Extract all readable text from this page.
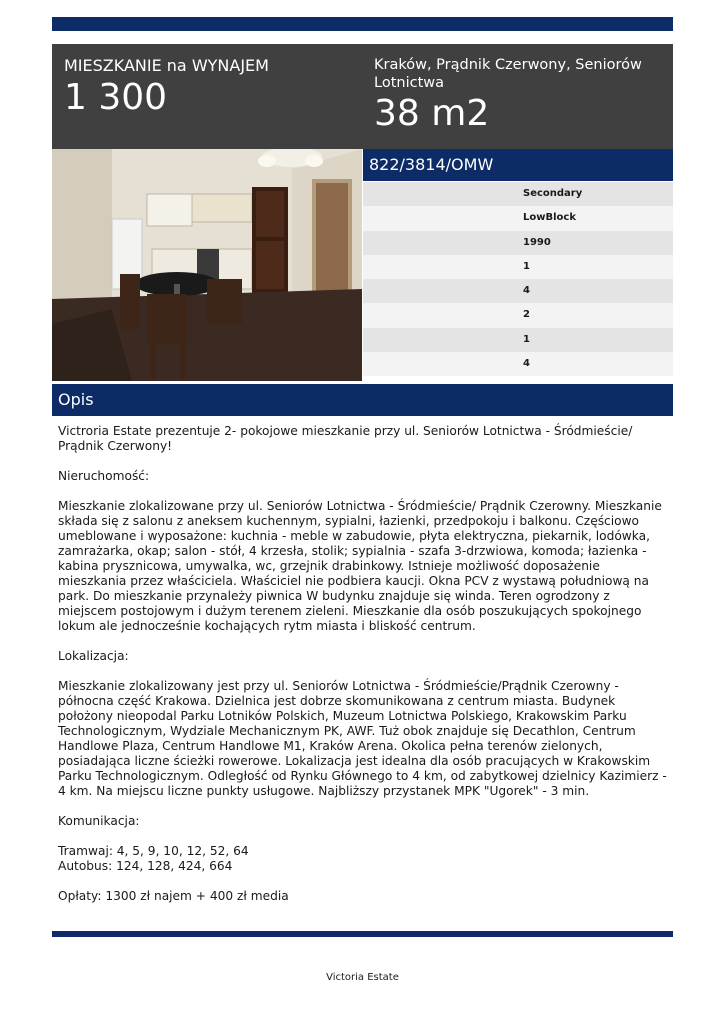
MIESZKANIE na WYNAJEM
1 300
Kraków, Prądnik Czerwony, Seniorów Lotnictwa
38 m2
822/3814/OMW
Secondary
LowBlock
1990
1
4
2
1
4
Opis

Victroria Estate prezentuje 2- pokojowe mieszkanie przy ul. Seniorów Lotnictwa - Śródmieście/ Prądnik Czerwony!

Nieruchomość:

Mieszkanie zlokalizowane przy ul. Seniorów Lotnictwa - Śródmieście/ Prądnik Czerowny. Mieszkanie składa się z salonu z aneksem kuchennym, sypialni, łazienki, przedpokoju i balkonu. Częściowo umeblowane i wyposażone: kuchnia - meble w zabudowie, płyta elektryczna, piekarnik, lodówka, zamrażarka, okap; salon - stół, 4 krzesła, stolik; sypialnia - szafa 3-drzwiowa, komoda; łazienka - kabina prysznicowa, umywalka, wc, grzejnik drabinkowy. Istnieje możliwość doposażenie mieszkania przez właściciela. Właściciel nie podbiera kaucji. Okna PCV z wystawą południową na park. Do mieszkanie przynależy piwnica W budynku znajduje się winda. Teren ogrodzony z miejscem postojowym i dużym terenem zieleni. Mieszkanie dla osób poszukujących spokojnego lokum ale jednocześnie kochających rytm miasta i bliskość centrum.

Lokalizacja:

Mieszkanie zlokalizowany jest przy ul. Seniorów Lotnictwa - Śródmieście/Prądnik Czerowny - północna część Krakowa. Dzielnica jest dobrze skomunikowana z centrum miasta. Budynek położony nieopodal Parku Lotników Polskich, Muzeum Lotnictwa Polskiego, Krakowskim Parku Technologicznym, Wydziale Mechanicznym PK, AWF. Tuż obok znajduje się Decathlon, Centrum Handlowe Plaza, Centrum Handlowe M1, Kraków Arena. Okolica pełna terenów zielonych, posiadająca liczne ścieżki rowerowe. Lokalizacja jest idealna dla osób pracujących w Krakowskim Parku Technologicznym. Odległość od Rynku Głównego to 4 km, od zabytkowej dzielnicy Kazimierz - 4 km. Na miejscu liczne punkty usługowe. Najbliższy przystanek MPK "Ugorek" - 3 min.

Komunikacja:

Tramwaj: 4, 5, 9, 10, 12, 52, 64

Autobus: 124, 128, 424, 664

Opłaty: 1300 zł najem + 400 zł media

Victoria Estate
